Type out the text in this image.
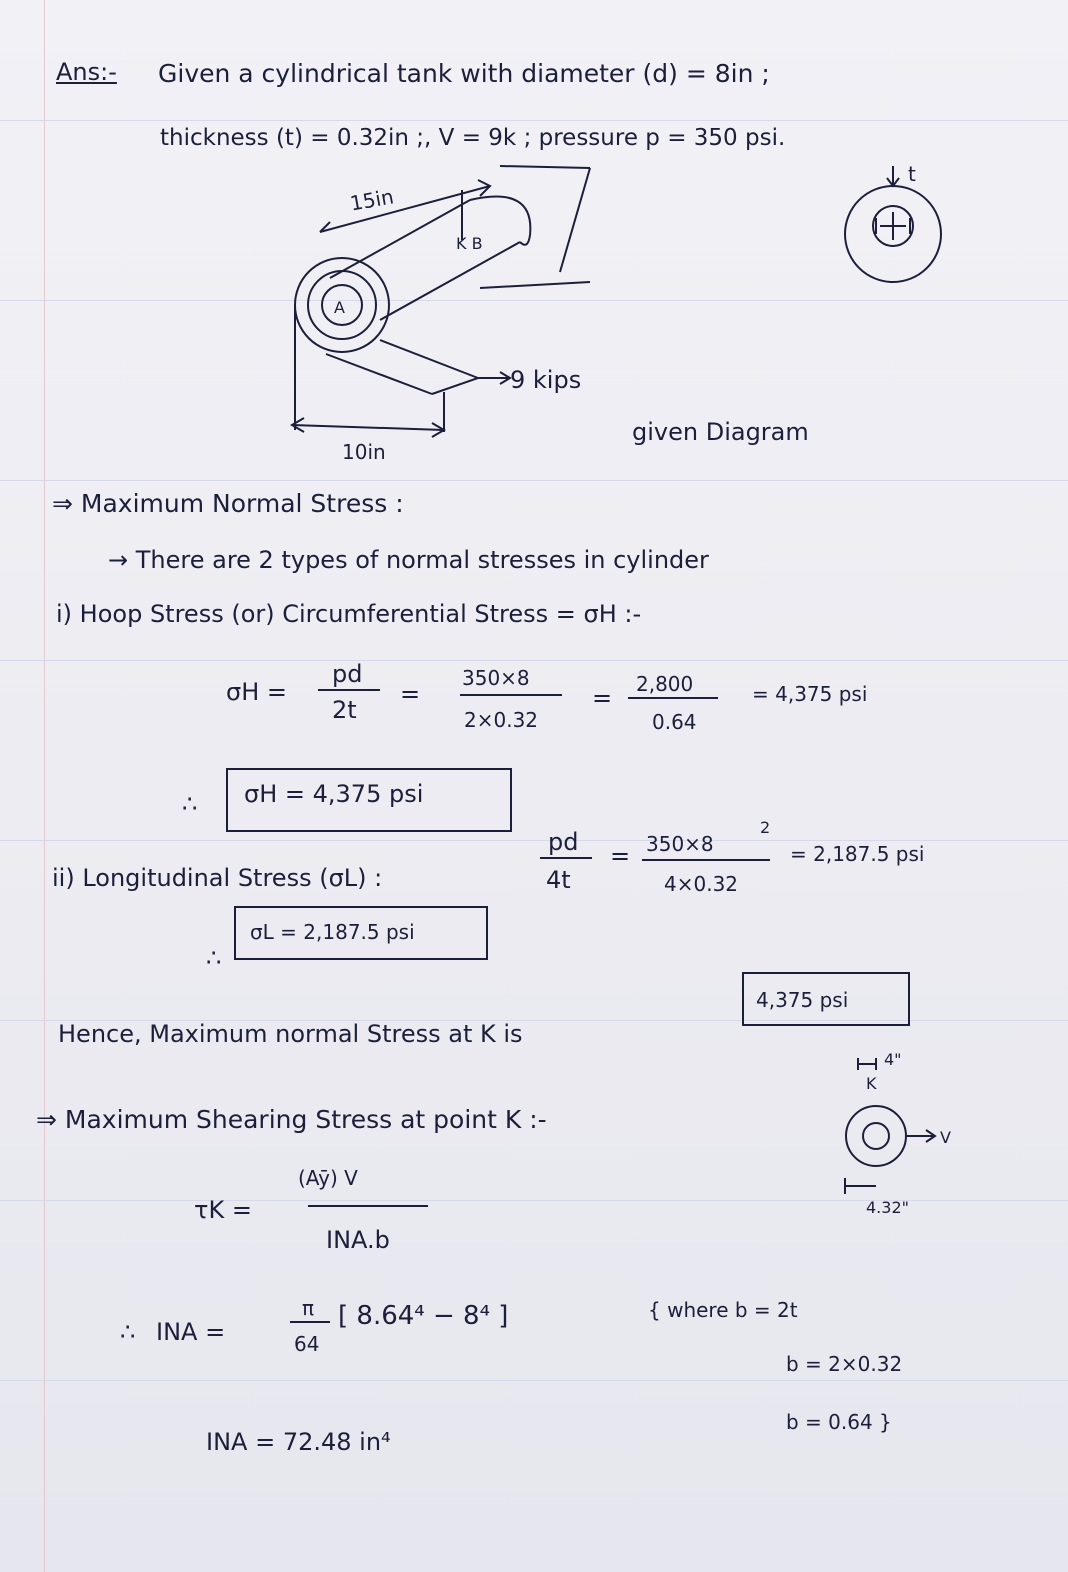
Ans:- Given a cylindrical tank with diameter (d) = 8in ;
thickness (t) = 0.32in ;, V = 9k ; pressure p = 350 psi.
15in
K B
A
9 kips
10in
t
given Diagram
⇒ Maximum Normal Stress :
→ There are 2 types of normal stresses in cylinder
i) Hoop Stress (or) Circumferential Stress = σH :-
σH =
pd
2t
=
350×8
2×0.32
= 2,800
0.64
= 4,375 psi
∴ σH = 4,375 psi
ii) Longitudinal Stress (σL) :
pd
4t
= 350×8
2
4×0.32
= 2,187.5 psi
∴
σL = 2,187.5 psi
Hence, Maximum normal Stress at K is
4,375 psi
⇒ Maximum Shearing Stress at point K :-
τK =
(Aȳ) V
INA.b
∴ INA =
π
64
[ 8.64⁴ − 8⁴ ]
INA = 72.48 in⁴
{ where b = 2t
b = 2×0.32
b = 0.64 }
4"
K
V
4.32"
